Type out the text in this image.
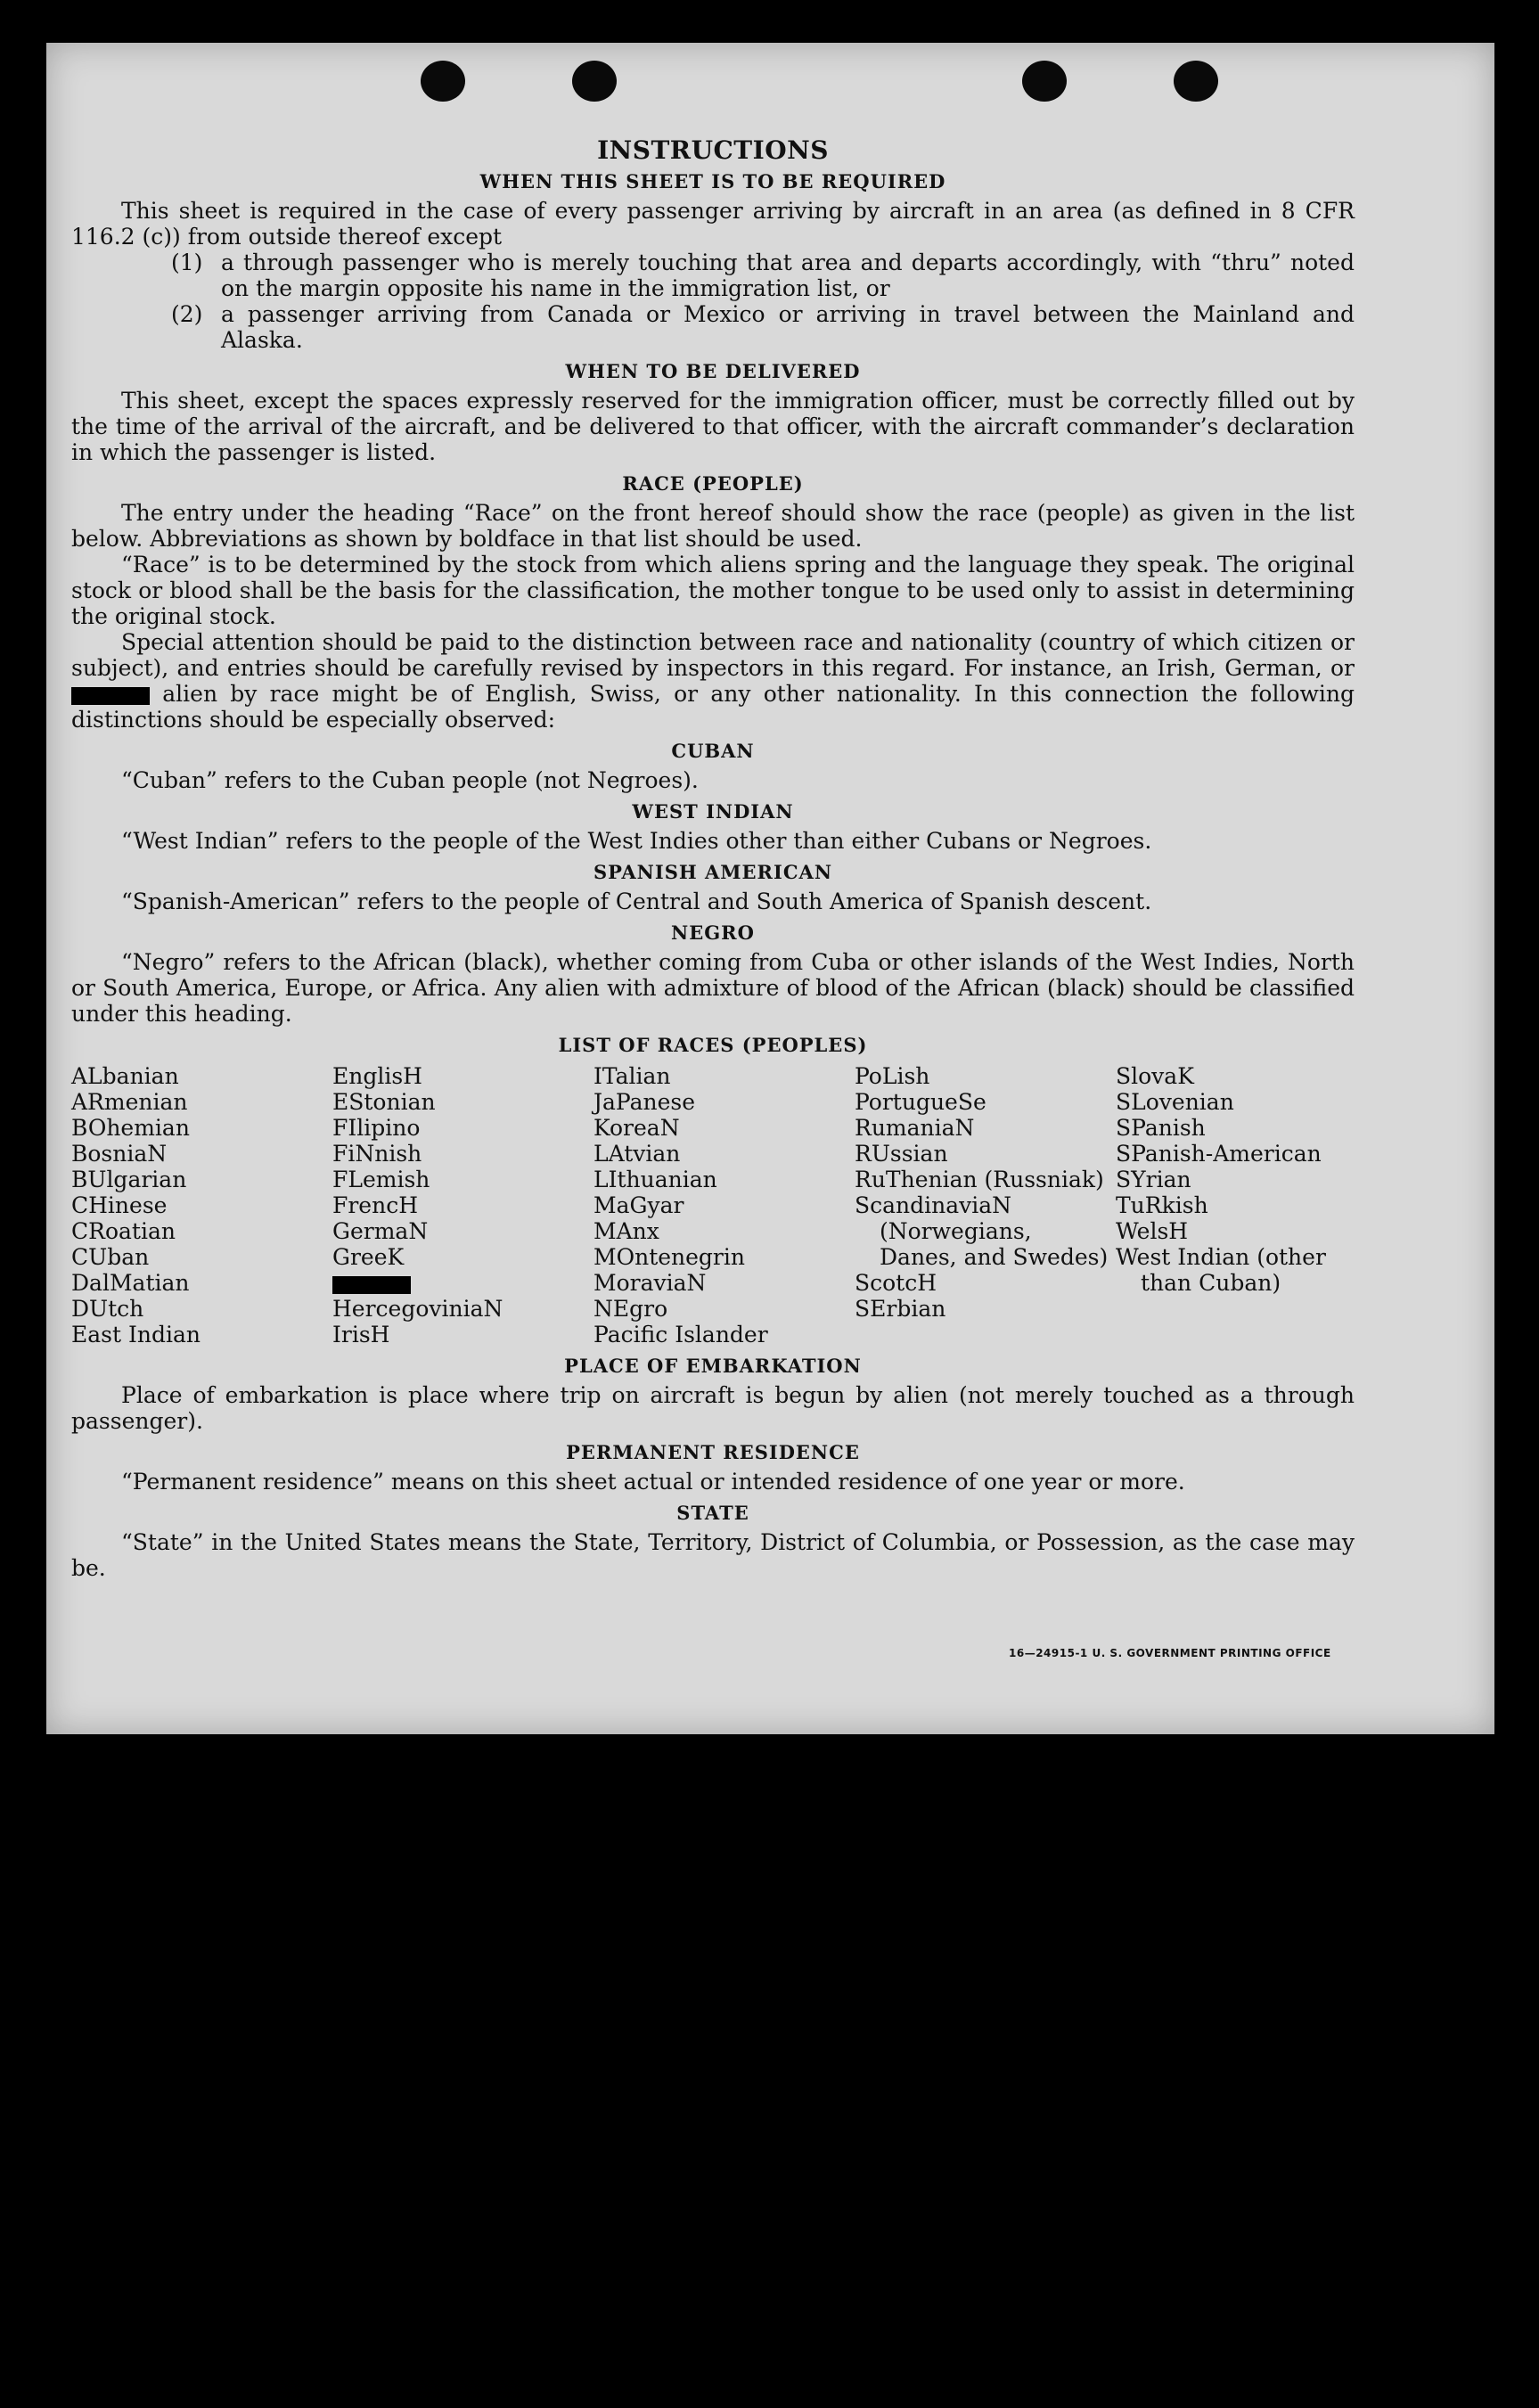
INSTRUCTIONS
WHEN THIS SHEET IS TO BE REQUIRED

This sheet is required in the case of every passenger arriving by aircraft in an area (as defined in 8 CFR 116.2 (c)) from outside thereof except

(1) a through passenger who is merely touching that area and departs accordingly, with “thru” noted on the margin opposite his name in the immigration list, or
(2) a passenger arriving from Canada or Mexico or arriving in travel between the Mainland and Alaska.
WHEN TO BE DELIVERED

This sheet, except the spaces expressly reserved for the immigration officer, must be correctly filled out by the time of the arrival of the aircraft, and be delivered to that officer, with the aircraft commander’s declaration in which the passenger is listed.

RACE (PEOPLE)

The entry under the heading “Race” on the front hereof should show the race (people) as given in the list below. Abbreviations as shown by boldface in that list should be used.

“Race” is to be determined by the stock from which aliens spring and the language they speak. The original stock or blood shall be the basis for the classification, the mother tongue to be used only to assist in determining the original stock.

Special attention should be paid to the distinction between race and nationality (country of which citizen or subject), and entries should be carefully revised by inspectors in this regard. For instance, an Irish, German, or  alien by race might be of English, Swiss, or any other nationality. In this connection the following distinctions should be especially observed:

CUBAN

“Cuban” refers to the Cuban people (not Negroes).

WEST INDIAN

“West Indian” refers to the people of the West Indies other than either Cubans or Negroes.

SPANISH AMERICAN

“Spanish-American” refers to the people of Central and South America of Spanish descent.

NEGRO

“Negro” refers to the African (black), whether coming from Cuba or other islands of the West Indies, North or South America, Europe, or Africa. Any alien with admixture of blood of the African (black) should be classified under this heading.

LIST OF RACES (PEOPLES)
ALbanian
ARmenian
BOhemian
BosniaN
BUlgarian
CHinese
CRoatian
CUban
DalMatian
DUtch
East Indian
EnglisH
EStonian
FIlipino
FiNnish
FLemish
FrencH
GermaN
GreeK
HercegoviniaN
IrisH
ITalian
JaPanese
KoreaN
LAtvian
LIthuanian
MaGyar
MAnx
MOntenegrin
MoraviaN
NEgro
Pacific Islander
PoLish
PortugueSe
RumaniaN
RUssian
RuThenian (Russniak)
ScandinaviaN (Norwegians, Danes, and Swedes)
ScotcH
SErbian
SlovaK
SLovenian
SPanish
SPanish-American
SYrian
TuRkish
WelsH
West Indian (other than Cuban)
PLACE OF EMBARKATION

Place of embarkation is place where trip on aircraft is begun by alien (not merely touched as a through passenger).

PERMANENT RESIDENCE

“Permanent residence” means on this sheet actual or intended residence of one year or more.

STATE

“State” in the United States means the State, Territory, District of Columbia, or Possession, as the case may be.

16—24915-1 U. S. GOVERNMENT PRINTING OFFICE
